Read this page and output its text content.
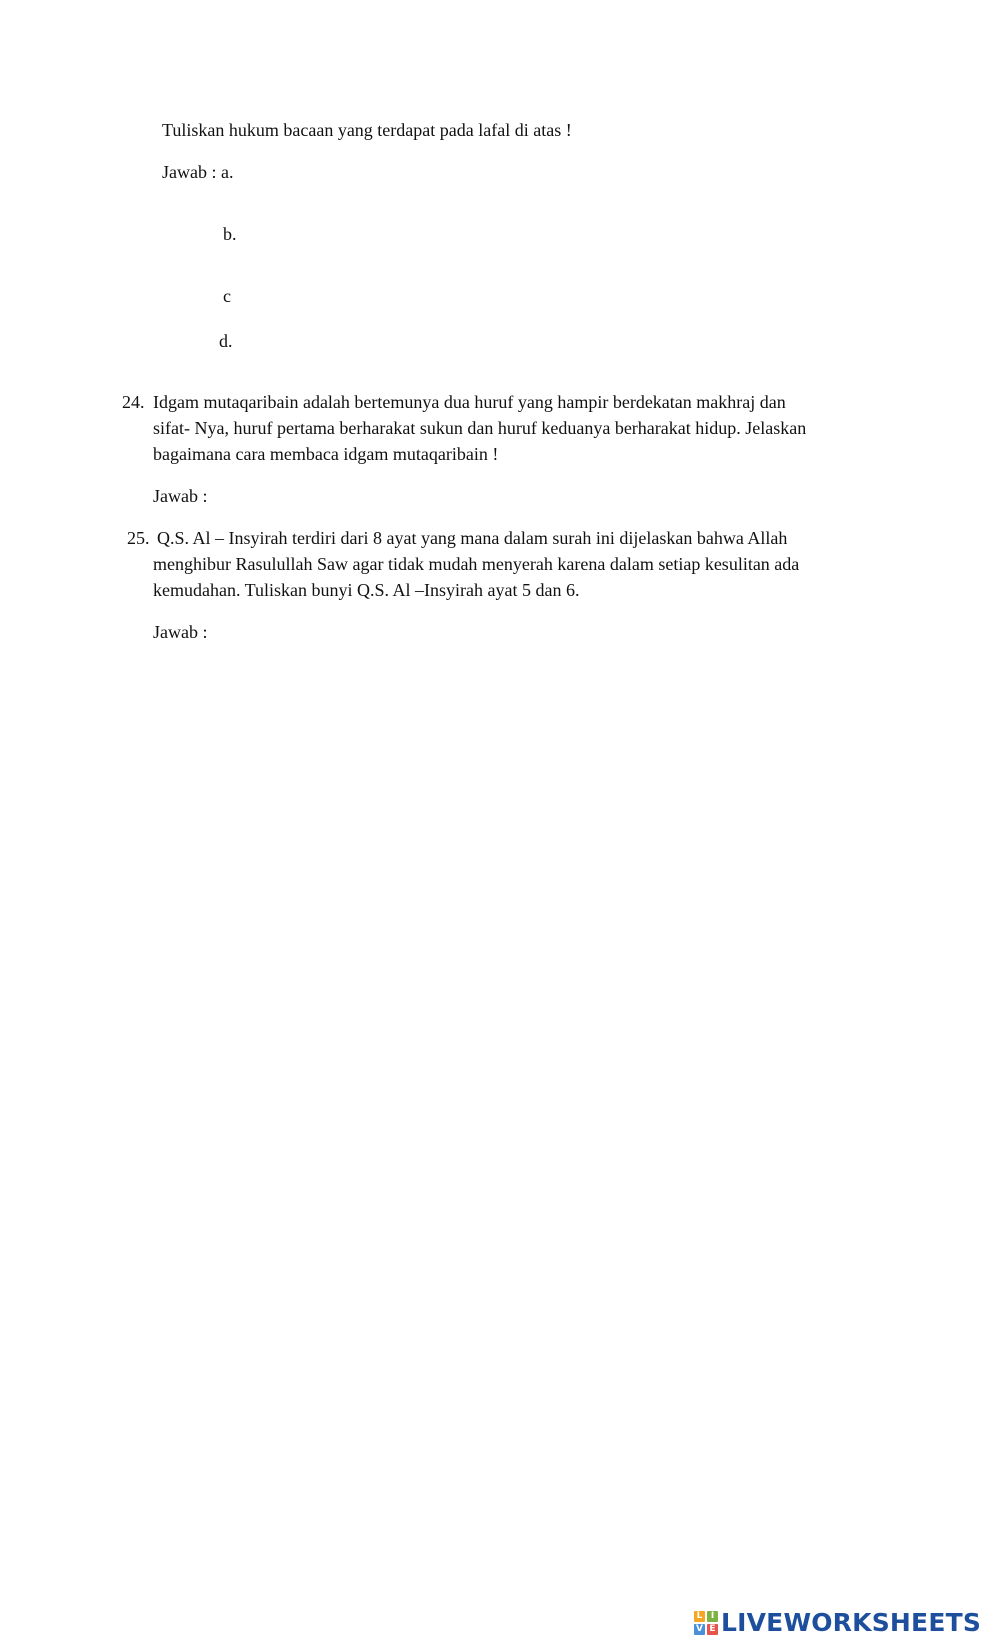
Tuliskan hukum bacaan yang terdapat pada lafal di atas !
Jawab : a.
b.
c
d.
24. Idgam mutaqaribain adalah bertemunya dua huruf yang hampir berdekatan makhraj dan
sifat- Nya, huruf pertama berharakat sukun dan huruf keduanya berharakat hidup. Jelaskan
bagaimana cara membaca idgam mutaqaribain !
Jawab :
25. Q.S. Al – Insyirah terdiri dari 8 ayat yang mana dalam surah ini dijelaskan bahwa Allah
menghibur Rasulullah Saw agar tidak mudah menyerah karena dalam setiap kesulitan ada
kemudahan. Tuliskan bunyi Q.S. Al –Insyirah ayat 5 dan 6.
Jawab :
L I
V E LIVEWORKSHEETS
